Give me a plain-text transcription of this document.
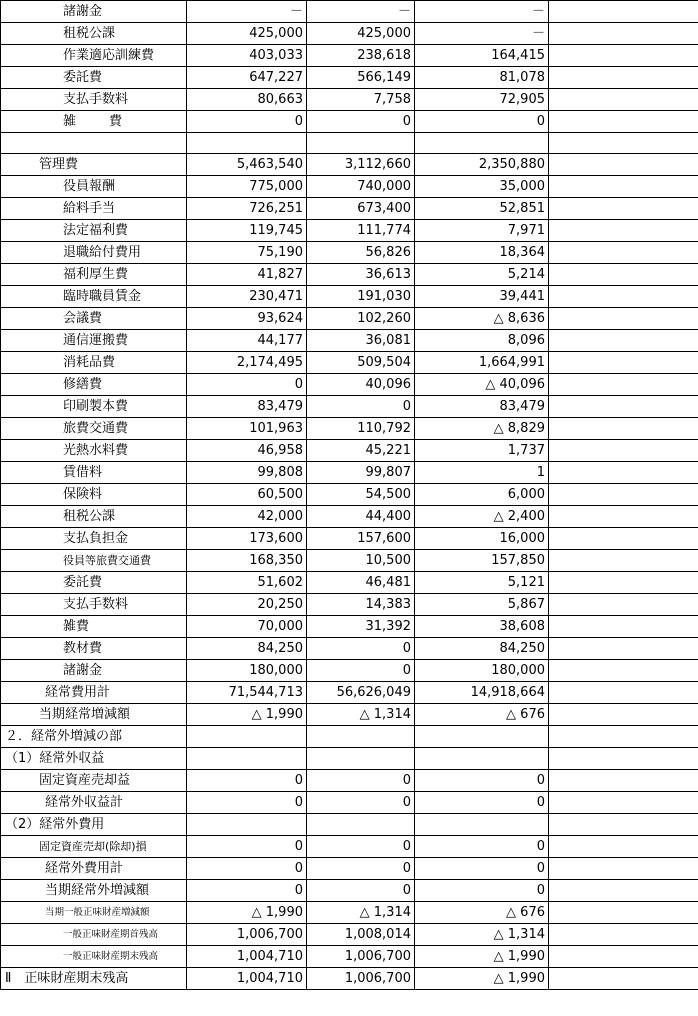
諸謝金	－	－	－	
租税公課	425,000	425,000	－	
作業適応訓練費	403,033	238,618	164,415	
委託費	647,227	566,149	81,078	
支払手数料	80,663	7,758	72,905	
雑　費	0	0	0	

管理費	5,463,540	3,112,660	2,350,880	
役員報酬	775,000	740,000	35,000	
給料手当	726,251	673,400	52,851	
法定福利費	119,745	111,774	7,971	
退職給付費用	75,190	56,826	18,364	
福利厚生費	41,827	36,613	5,214	
臨時職員賃金	230,471	191,030	39,441	
会議費	93,624	102,260	△ 8,636	
通信運搬費	44,177	36,081	8,096	
消耗品費	2,174,495	509,504	1,664,991	
修繕費	0	40,096	△ 40,096	
印刷製本費	83,479	0	83,479	
旅費交通費	101,963	110,792	△ 8,829	
光熱水料費	46,958	45,221	1,737	
賃借料	99,808	99,807	1	
保険料	60,500	54,500	6,000	
租税公課	42,000	44,400	△ 2,400	
支払負担金	173,600	157,600	16,000	
役員等旅費交通費	168,350	10,500	157,850	
委託費	51,602	46,481	5,121	
支払手数料	20,250	14,383	5,867	
雑費	70,000	31,392	38,608	
教材費	84,250	0	84,250	
諸謝金	180,000	0	180,000	
経常費用計	71,544,713	56,626,049	14,918,664	
当期経常増減額	△ 1,990	△ 1,314	△ 676	
２．経常外増減の部				
（1）経常外収益				
固定資産売却益	0	0	0	
経常外収益計	0	0	0	
（2）経常外費用				
固定資産売却(除却)損	0	0	0	
経常外費用計	0	0	0	
当期経常外増減額	0	0	0	
当期一般正味財産増減額	△ 1,990	△ 1,314	△ 676	
一般正味財産期首残高	1,006,700	1,008,014	△ 1,314	
一般正味財産期末残高	1,004,710	1,006,700	△ 1,990	
Ⅱ　正味財産期末残高	1,004,710	1,006,700	△ 1,990	
